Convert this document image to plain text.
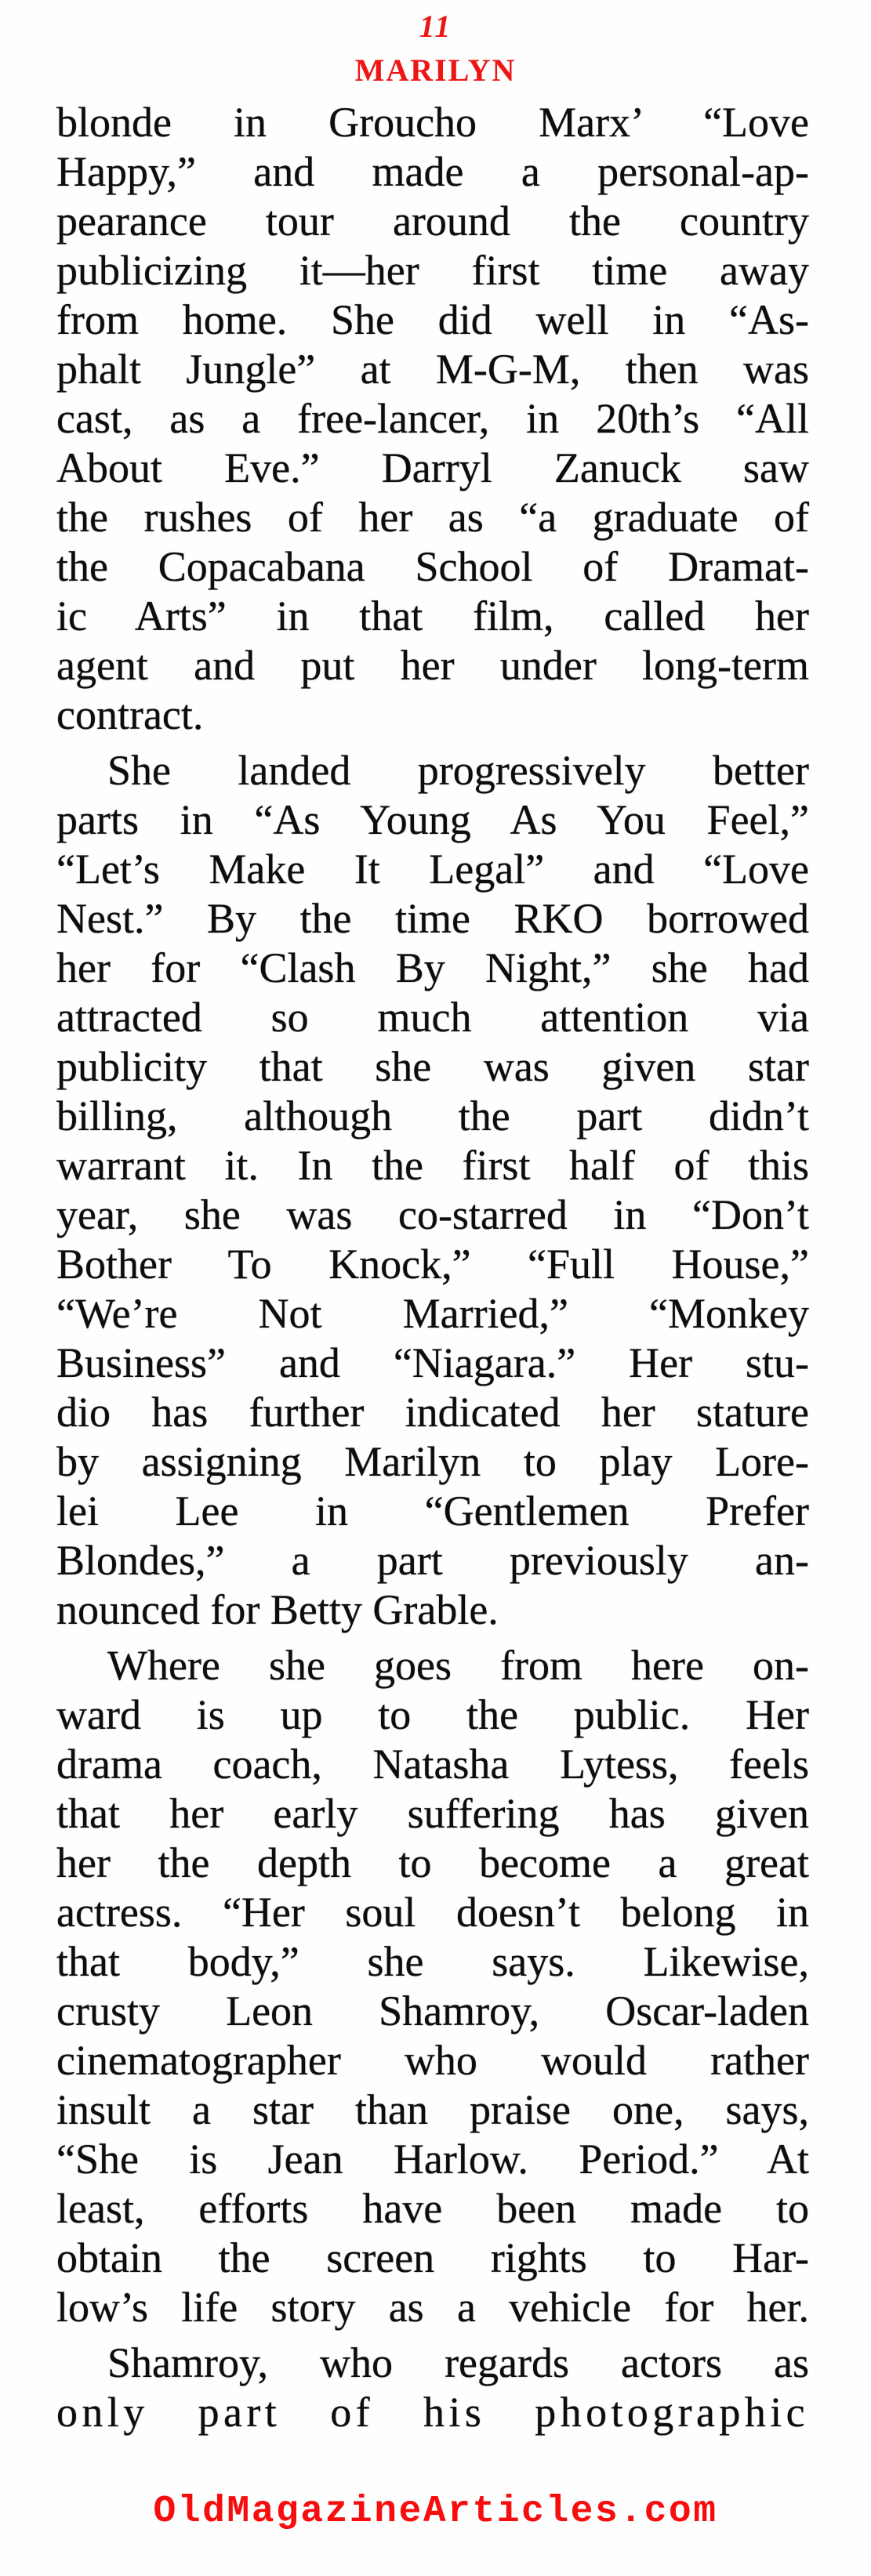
11
MARILYN
blonde in Groucho Marx’ “Love
Happy,” and made a personal-ap-
pearance tour around the country
publicizing it—her first time away
from home. She did well in “As-
phalt Jungle” at M-G-M, then was
cast, as a free-lancer, in 20th’s “All
About Eve.” Darryl Zanuck saw
the rushes of her as “a graduate of
the Copacabana School of Dramat-
ic Arts” in that film, called her
agent and put her under long-term
contract.
She landed progressively better
parts in “As Young As You Feel,”
“Let’s Make It Legal” and “Love
Nest.” By the time RKO borrowed
her for “Clash By Night,” she had
attracted so much attention via
publicity that she was given star
billing, although the part didn’t
warrant it. In the first half of this
year, she was co-starred in “Don’t
Bother To Knock,” “Full House,”
“We’re Not Married,” “Monkey
Business” and “Niagara.” Her stu-
dio has further indicated her stature
by assigning Marilyn to play Lore-
lei Lee in “Gentlemen Prefer
Blondes,” a part previously an-
nounced for Betty Grable.
Where she goes from here on-
ward is up to the public. Her
drama coach, Natasha Lytess, feels
that her early suffering has given
her the depth to become a great
actress. “Her soul doesn’t belong in
that body,” she says. Likewise,
crusty Leon Shamroy, Oscar-laden
cinematographer who would rather
insult a star than praise one, says,
“She is Jean Harlow. Period.” At
least, efforts have been made to
obtain the screen rights to Har-
low’s life story as a vehicle for her.
Shamroy, who regards actors as
only part of his photographic
OldMagazineArticles.com
